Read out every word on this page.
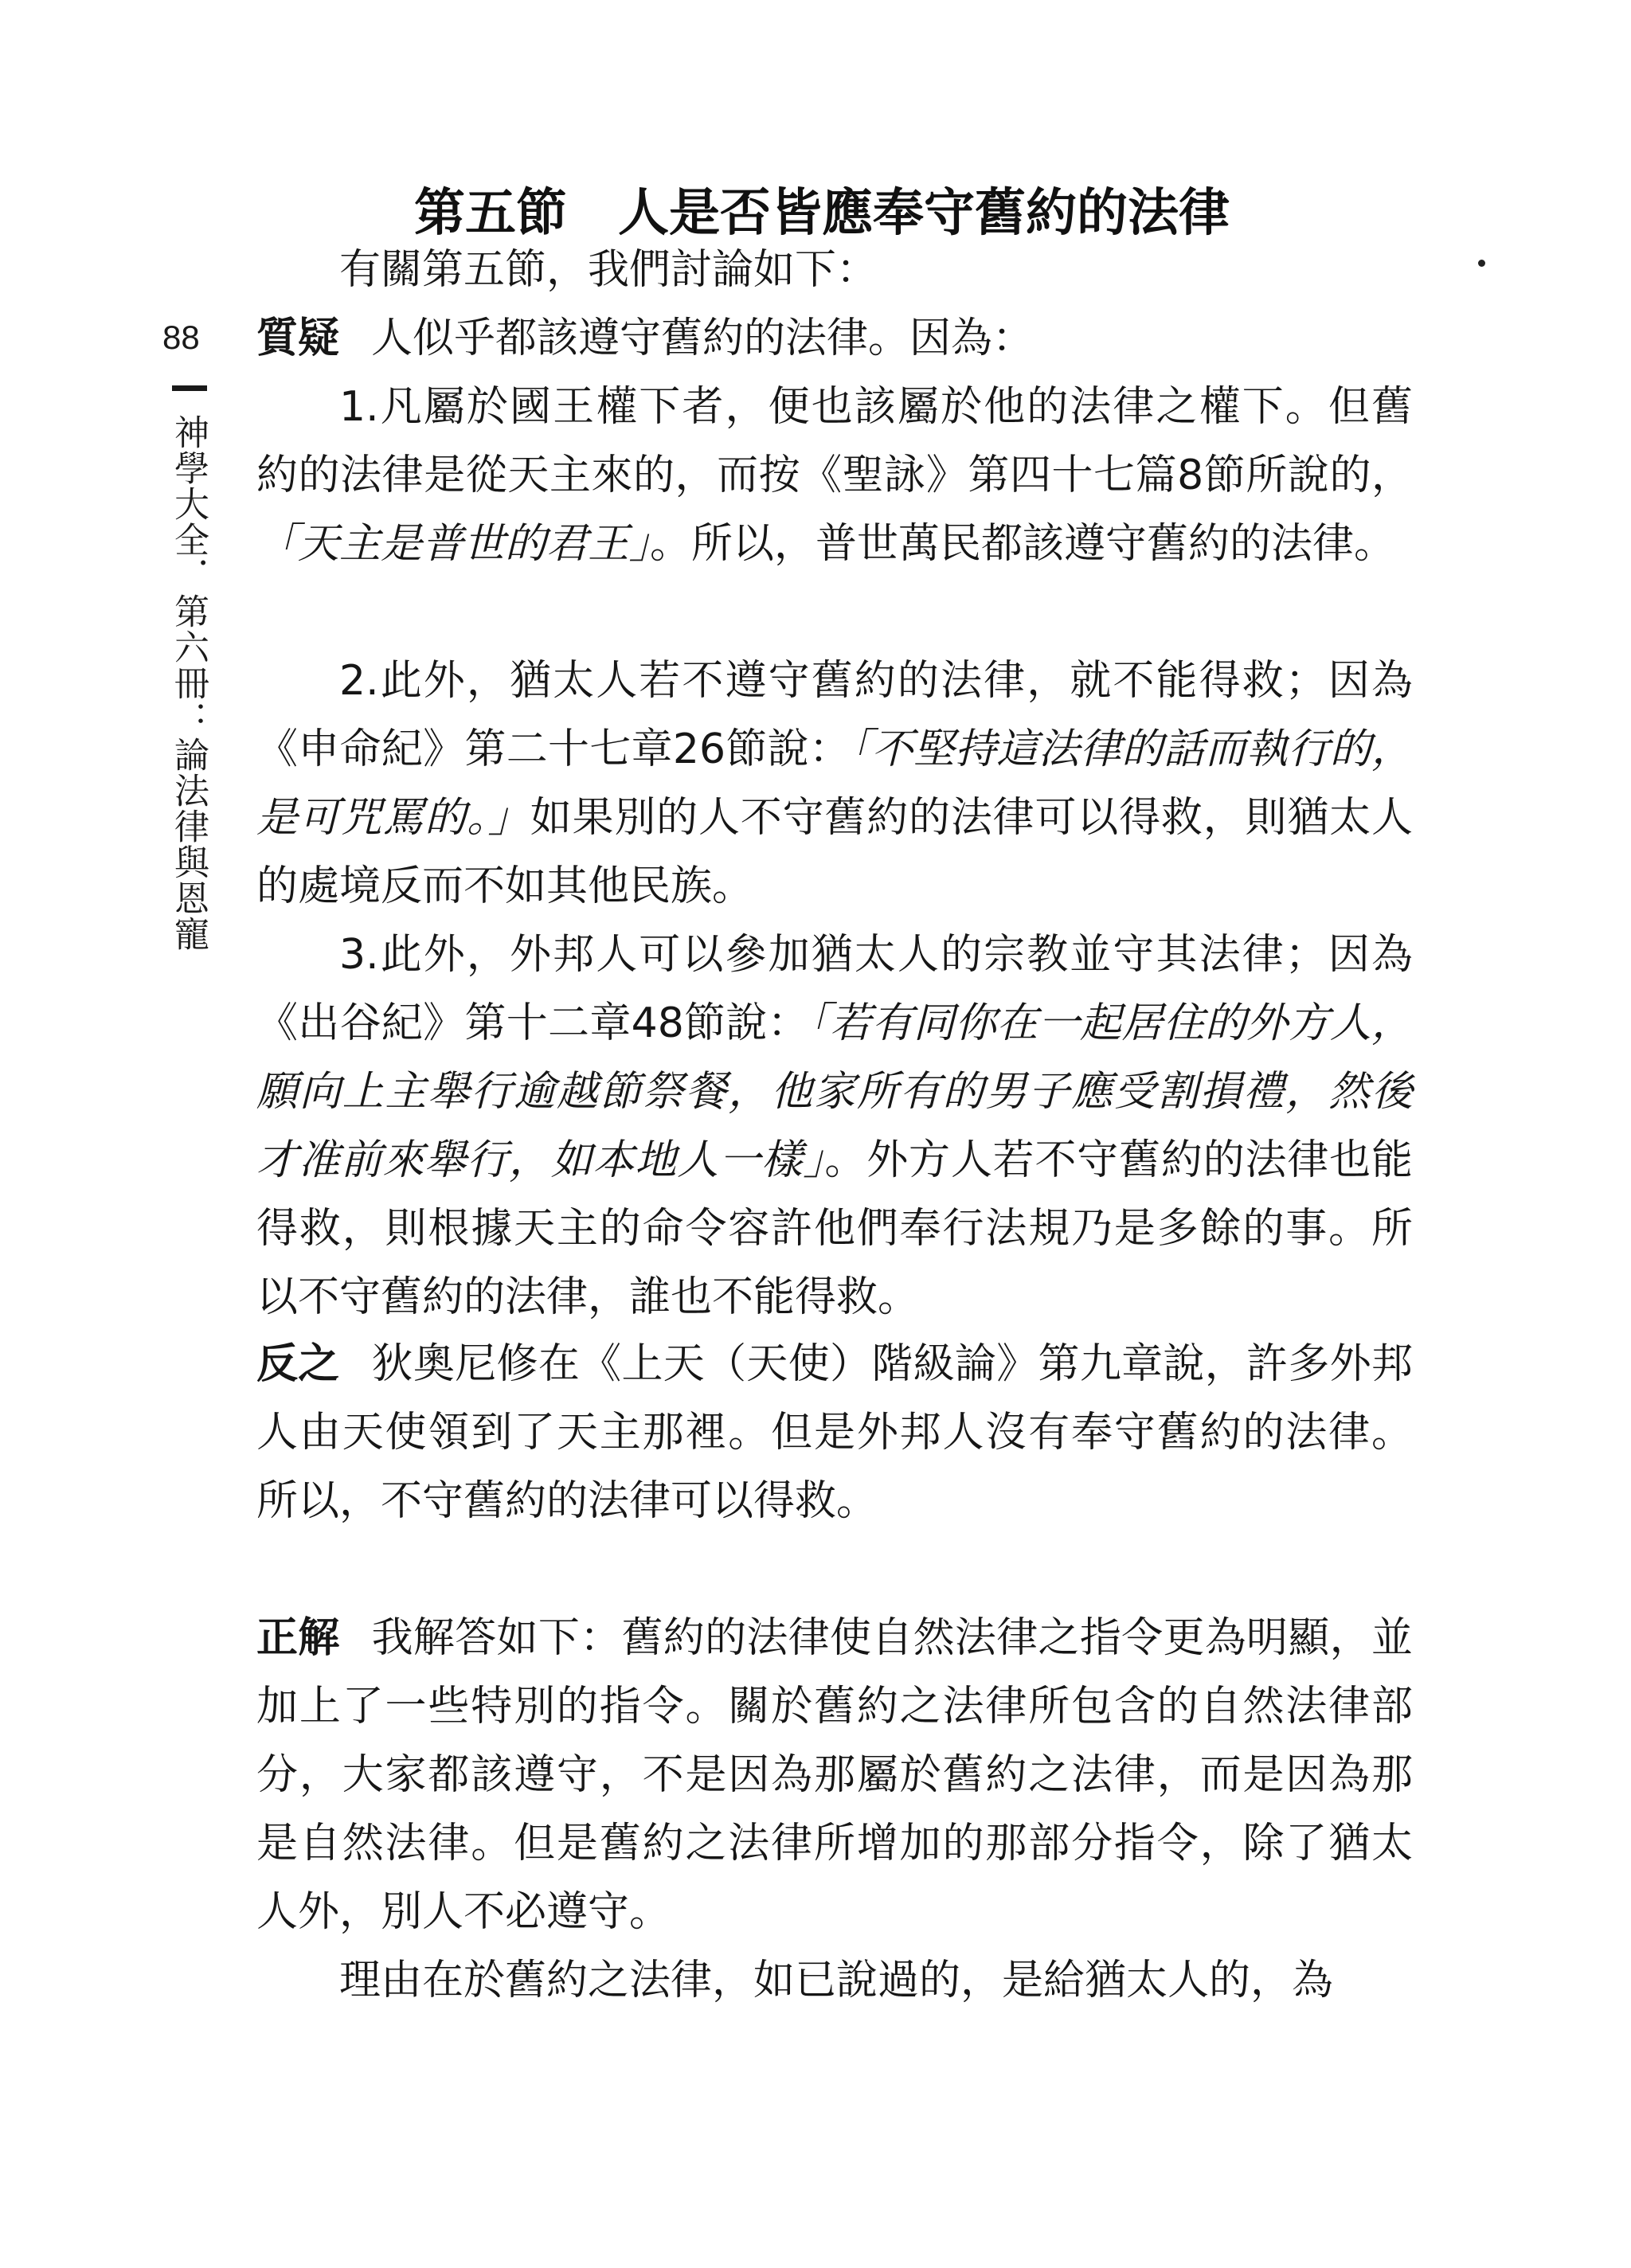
88
神學大全．第六冊：論法律與恩寵
第五節　人是否皆應奉守舊約的法律

有關第五節，我們討論如下：

質疑 人似乎都該遵守舊約的法律。因為：

1.凡屬於國王權下者，便也該屬於他的法律之權下。但舊約的法律是從天主來的，而按《聖詠》第四十七篇8節所說的，「天主是普世的君王」。所以，普世萬民都該遵守舊約的法律。

2.此外，猶太人若不遵守舊約的法律，就不能得救；因為《申命紀》第二十七章26節說：「不堅持這法律的話而執行的，是可咒罵的。」如果別的人不守舊約的法律可以得救，則猶太人的處境反而不如其他民族。

3.此外，外邦人可以參加猶太人的宗教並守其法律；因為《出谷紀》第十二章48節說：「若有同你在一起居住的外方人，願向上主舉行逾越節祭餐，他家所有的男子應受割損禮，然後才准前來舉行，如本地人一樣」。外方人若不守舊約的法律也能得救，則根據天主的命令容許他們奉行法規乃是多餘的事。所以不守舊約的法律，誰也不能得救。

反之 狄奧尼修在《上天（天使）階級論》第九章說，許多外邦人由天使領到了天主那裡。但是外邦人沒有奉守舊約的法律。所以，不守舊約的法律可以得救。

正解 我解答如下：舊約的法律使自然法律之指令更為明顯，並加上了一些特別的指令。關於舊約之法律所包含的自然法律部分，大家都該遵守，不是因為那屬於舊約之法律，而是因為那是自然法律。但是舊約之法律所增加的那部分指令，除了猶太人外，別人不必遵守。

理由在於舊約之法律，如已說過的，是給猶太人的，為
